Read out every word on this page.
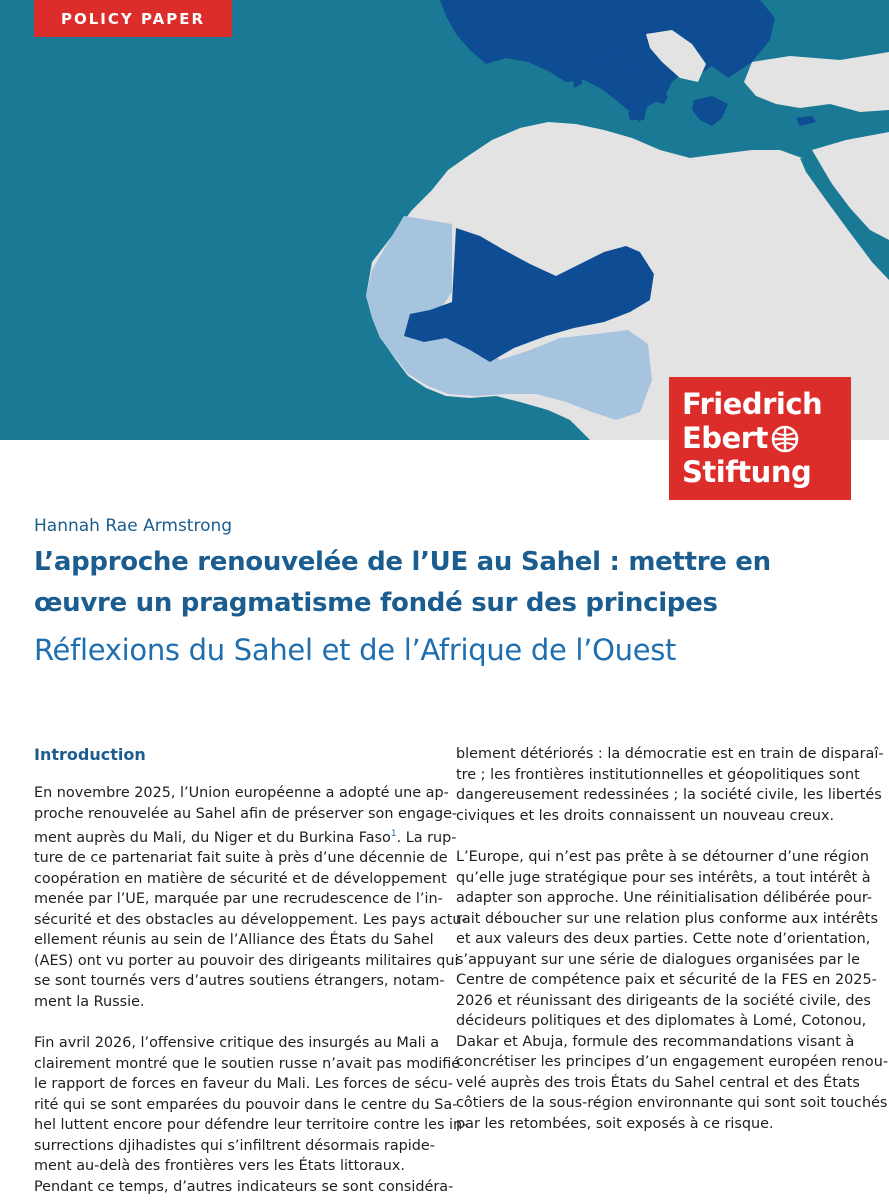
POLICY PAPER
Friedrich
Ebert
Stiftung
Hannah Rae Armstrong
L’approche renouvelée de l’UE au Sahel : mettre en
œuvre un pragmatisme fondé sur des principes
Réflexions du Sahel et de l’Afrique de l’Ouest
Introduction

En novembre 2025, l’Union européenne a adopté une ap-
proche renouvelée au Sahel afin de préserver son engage-
ment auprès du Mali, du Niger et du Burkina Faso$^1$. La rup-
ture de ce partenariat fait suite à près d’une décennie de
coopération en matière de sécurité et de développement
menée par l’UE, marquée par une recrudescence de l’in-
sécurité et des obstacles au développement. Les pays actu-
ellement réunis au sein de l’Alliance des États du Sahel
(AES) ont vu porter au pouvoir des dirigeants militaires qui
se sont tournés vers d’autres soutiens étrangers, notam-
ment la Russie.

Fin avril 2026, l’offensive critique des insurgés au Mali a
clairement montré que le soutien russe n’avait pas modifié
le rapport de forces en faveur du Mali. Les forces de sécu-
rité qui se sont emparées du pouvoir dans le centre du Sa-
hel luttent encore pour défendre leur territoire contre les in-
surrections djihadistes qui s’infiltrent désormais rapide-
ment au-delà des frontières vers les États littoraux.
Pendant ce temps, d’autres indicateurs se sont considéra-

blement détériorés : la démocratie est en train de disparaî-
tre ; les frontières institutionnelles et géopolitiques sont
dangereusement redessinées ; la société civile, les libertés
civiques et les droits connaissent un nouveau creux.

L’Europe, qui n’est pas prête à se détourner d’une région
qu’elle juge stratégique pour ses intérêts, a tout intérêt à
adapter son approche. Une réinitialisation délibérée pour-
rait déboucher sur une relation plus conforme aux intérêts
et aux valeurs des deux parties. Cette note d’orientation,
s’appuyant sur une série de dialogues organisées par le
Centre de compétence paix et sécurité de la FES en 2025-
2026 et réunissant des dirigeants de la société civile, des
décideurs politiques et des diplomates à Lomé, Cotonou,
Dakar et Abuja, formule des recommandations visant à
concrétiser les principes d’un engagement européen renou-
velé auprès des trois États du Sahel central et des États
côtiers de la sous-région environnante qui sont soit touchés
par les retombées, soit exposés à ce risque.
